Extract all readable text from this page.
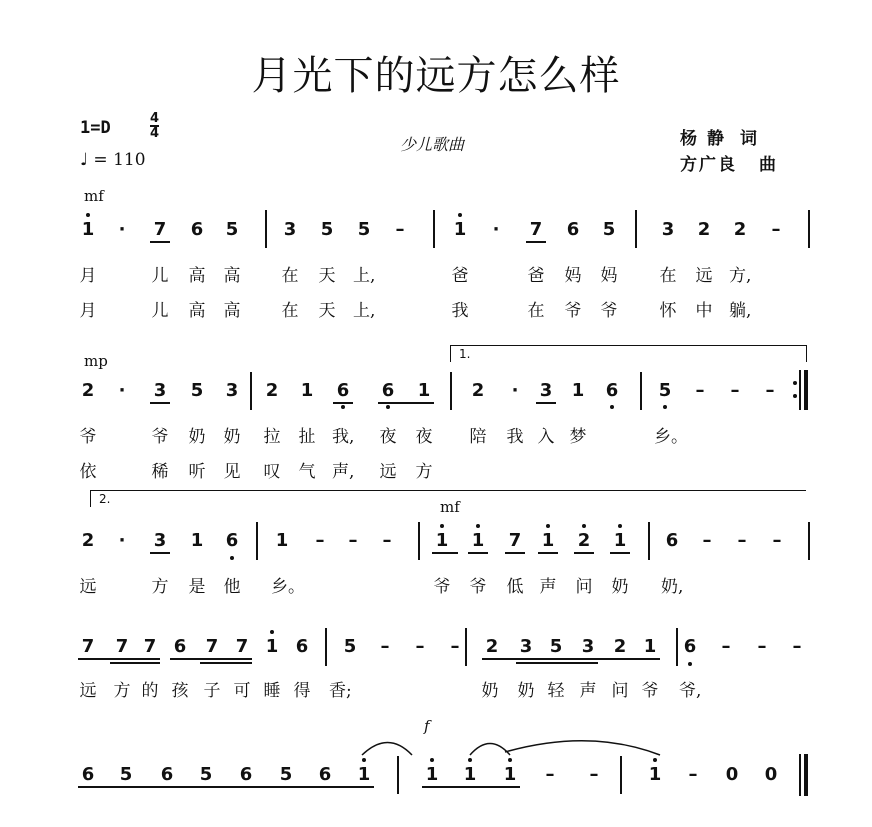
月光下的远方怎么样
1=D	4
4
♩ = 110
少儿歌曲	杨静 词
方广良 曲
mf
mp
mf
f
1.
2.
1	·	7 6 5	3 5 5 –	1	·	7 6 5	3 2 2 –
月	儿 高 高 在 天 上,	爸	爸 妈 妈 在 远 方,
月	儿 高 高 在 天 上,	我	在 爷 爷 怀 中 躺,
2	·	3 5 3 2 1 6 6 1 2	·	3 1 6 5 – – –
爷	爷 奶 奶 拉 扯 我, 夜 夜 陪 我 入 梦	乡。
依	稀 听 见 叹 气 声, 远 方
2	·	3 1 6 1 – – – 1 1 7 1 2 1 6 – – –
远	方 是 他 乡。	爷 爷 低 声 问 奶 奶,
7 7 7 6 7 7 1 6 5 – – – 2 3 5 3 2 1 6 – – –
远 方 的 孩 子 可 睡 得 香;	奶 奶 轻 声 问 爷 爷,
6 5 6 5 6 5 6 1	1 1 1 – –	1 – 0 0
